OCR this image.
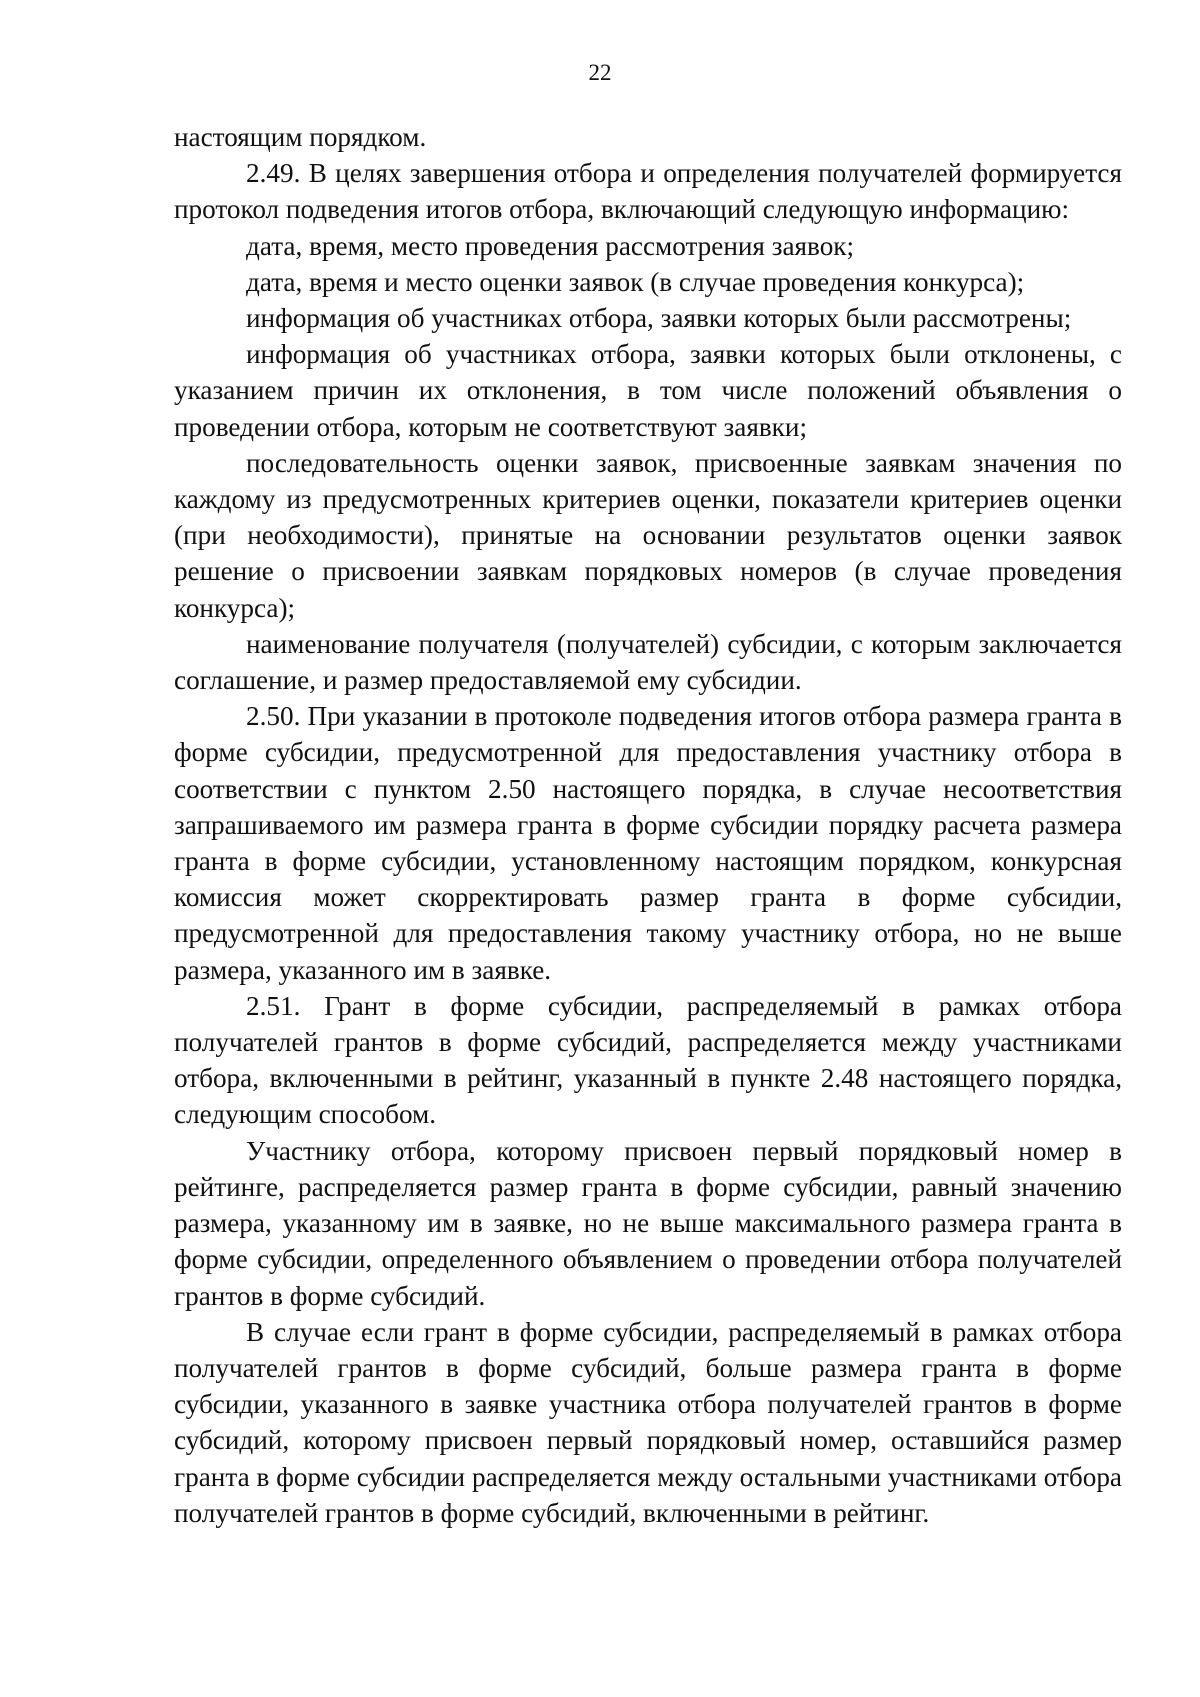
22

настоящим порядком.

2.49. В целях завершения отбора и определения получателей формируется протокол подведения итогов отбора, включающий следующую информацию:

дата, время, место проведения рассмотрения заявок;

дата, время и место оценки заявок (в случае проведения конкурса);

информация об участниках отбора, заявки которых были рассмотрены;

информация об участниках отбора, заявки которых были отклонены, с указанием причин их отклонения, в том числе положений объявления о проведении отбора, которым не соответствуют заявки;

последовательность оценки заявок, присвоенные заявкам значения по каждому из предусмотренных критериев оценки, показатели критериев оценки (при необходимости), принятые на основании результатов оценки заявок решение о присвоении заявкам порядковых номеров (в случае проведения конкурса);

наименование получателя (получателей) субсидии, с которым заключается соглашение, и размер предоставляемой ему субсидии.

2.50. При указании в протоколе подведения итогов отбора размера гранта в форме субсидии, предусмотренной для предоставления участнику отбора в соответствии с пунктом 2.50 настоящего порядка, в случае несоответствия запрашиваемого им размера гранта в форме субсидии порядку расчета размера гранта в форме субсидии, установленному настоящим порядком, конкурсная комиссия может скорректировать размер гранта в форме субсидии, предусмотренной для предоставления такому участнику отбора, но не выше размера, указанного им в заявке.

2.51. Грант в форме субсидии, распределяемый в рамках отбора получателей грантов в форме субсидий, распределяется между участниками отбора, включенными в рейтинг, указанный в пункте 2.48 настоящего порядка, следующим способом.

Участнику отбора, которому присвоен первый порядковый номер в рейтинге, распределяется размер гранта в форме субсидии, равный значению размера, указанному им в заявке, но не выше максимального размера гранта в форме субсидии, определенного объявлением о проведении отбора получателей грантов в форме субсидий.

В случае если грант в форме субсидии, распределяемый в рамках отбора получателей грантов в форме субсидий, больше размера гранта в форме субсидии, указанного в заявке участника отбора получателей грантов в форме субсидий, которому присвоен первый порядковый номер, оставшийся размер гранта в форме субсидии распределяется между остальными участниками отбора получателей грантов в форме субсидий, включенными в рейтинг.
